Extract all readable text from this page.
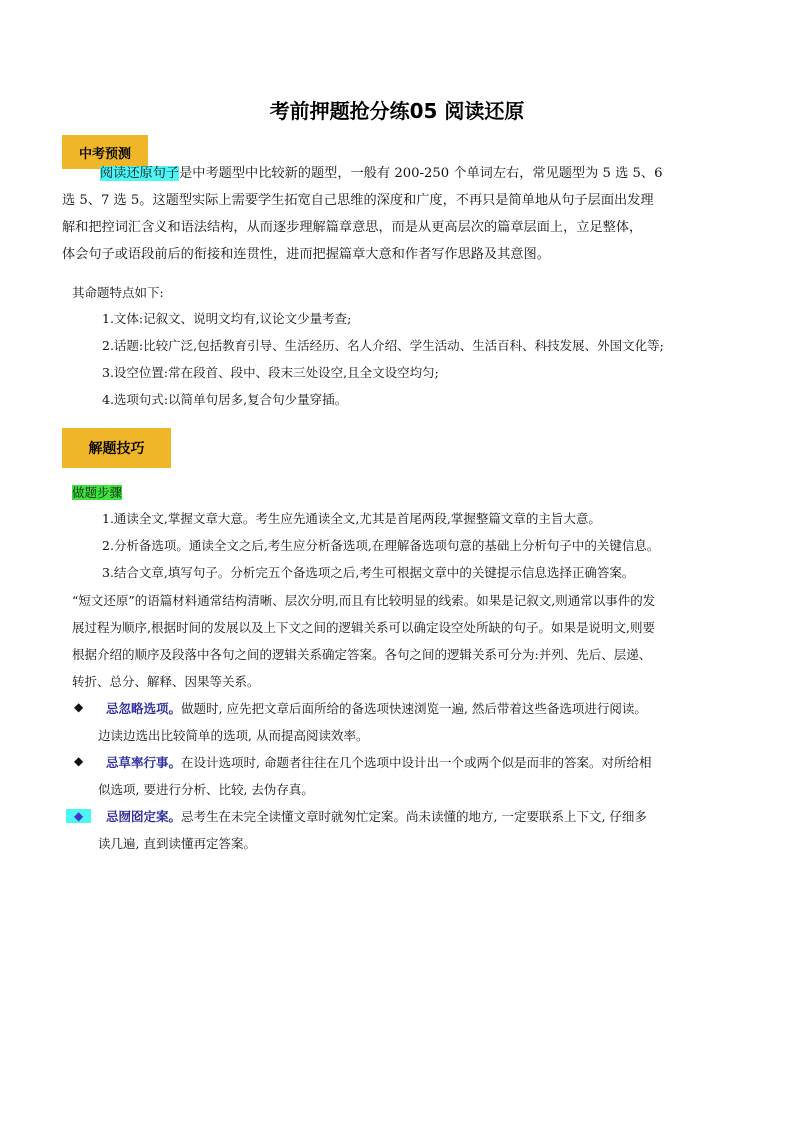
考前押题抢分练05 阅读还原
中考预测
阅读还原句子是中考题型中比较新的题型，一般有 200-250 个单词左右，常见题型为 5 选 5、6
选 5、7 选 5。这题型实际上需要学生拓宽自己思维的深度和广度，不再只是简单地从句子层面出发理
解和把控词汇含义和语法结构，从而逐步理解篇章意思，而是从更高层次的篇章层面上，立足整体，
体会句子或语段前后的衔接和连贯性，进而把握篇章大意和作者写作思路及其意图。
其命题特点如下:
1.文体:记叙文、说明文均有,议论文少量考查;
2.话题:比较广泛,包括教育引导、生活经历、名人介绍、学生活动、生活百科、科技发展、外国文化等;
3.设空位置:常在段首、段中、段末三处设空,且全文设空均匀;
4.选项句式:以简单句居多,复合句少量穿插。
解题技巧
做题步骤
1.通读全文,掌握文章大意。考生应先通读全文,尤其是首尾两段,掌握整篇文章的主旨大意。
2.分析备选项。通读全文之后,考生应分析备选项,在理解备选项句意的基础上分析句子中的关键信息。
3.结合文章,填写句子。分析完五个备选项之后,考生可根据文章中的关键提示信息选择正确答案。
“短文还原”的语篇材料通常结构清晰、层次分明,而且有比较明显的线索。如果是记叙文,则通常以事件的发
展过程为顺序,根据时间的发展以及上下文之间的逻辑关系可以确定设空处所缺的句子。如果是说明文,则要
根据介绍的顺序及段落中各句之间的逻辑关系确定答案。各句之间的逻辑关系可分为:并列、先后、层递、
转折、总分、解释、因果等关系。
◆ 忌忽略选项。做题时, 应先把文章后面所给的备选项快速浏览一遍, 然后带着这些备选项进行阅读。
边读边选出比较简单的选项, 从而提高阅读效率。
◆ 忌草率行事。在设计选项时, 命题者往往在几个选项中设计出一个或两个似是而非的答案。对所给相
似选项, 要进行分析、比较, 去伪存真。
◆	忌囫囵定案。忌考生在未完全读懂文章时就匆忙定案。尚未读懂的地方, 一定要联系上下文, 仔细多
读几遍, 直到读懂再定答案。
